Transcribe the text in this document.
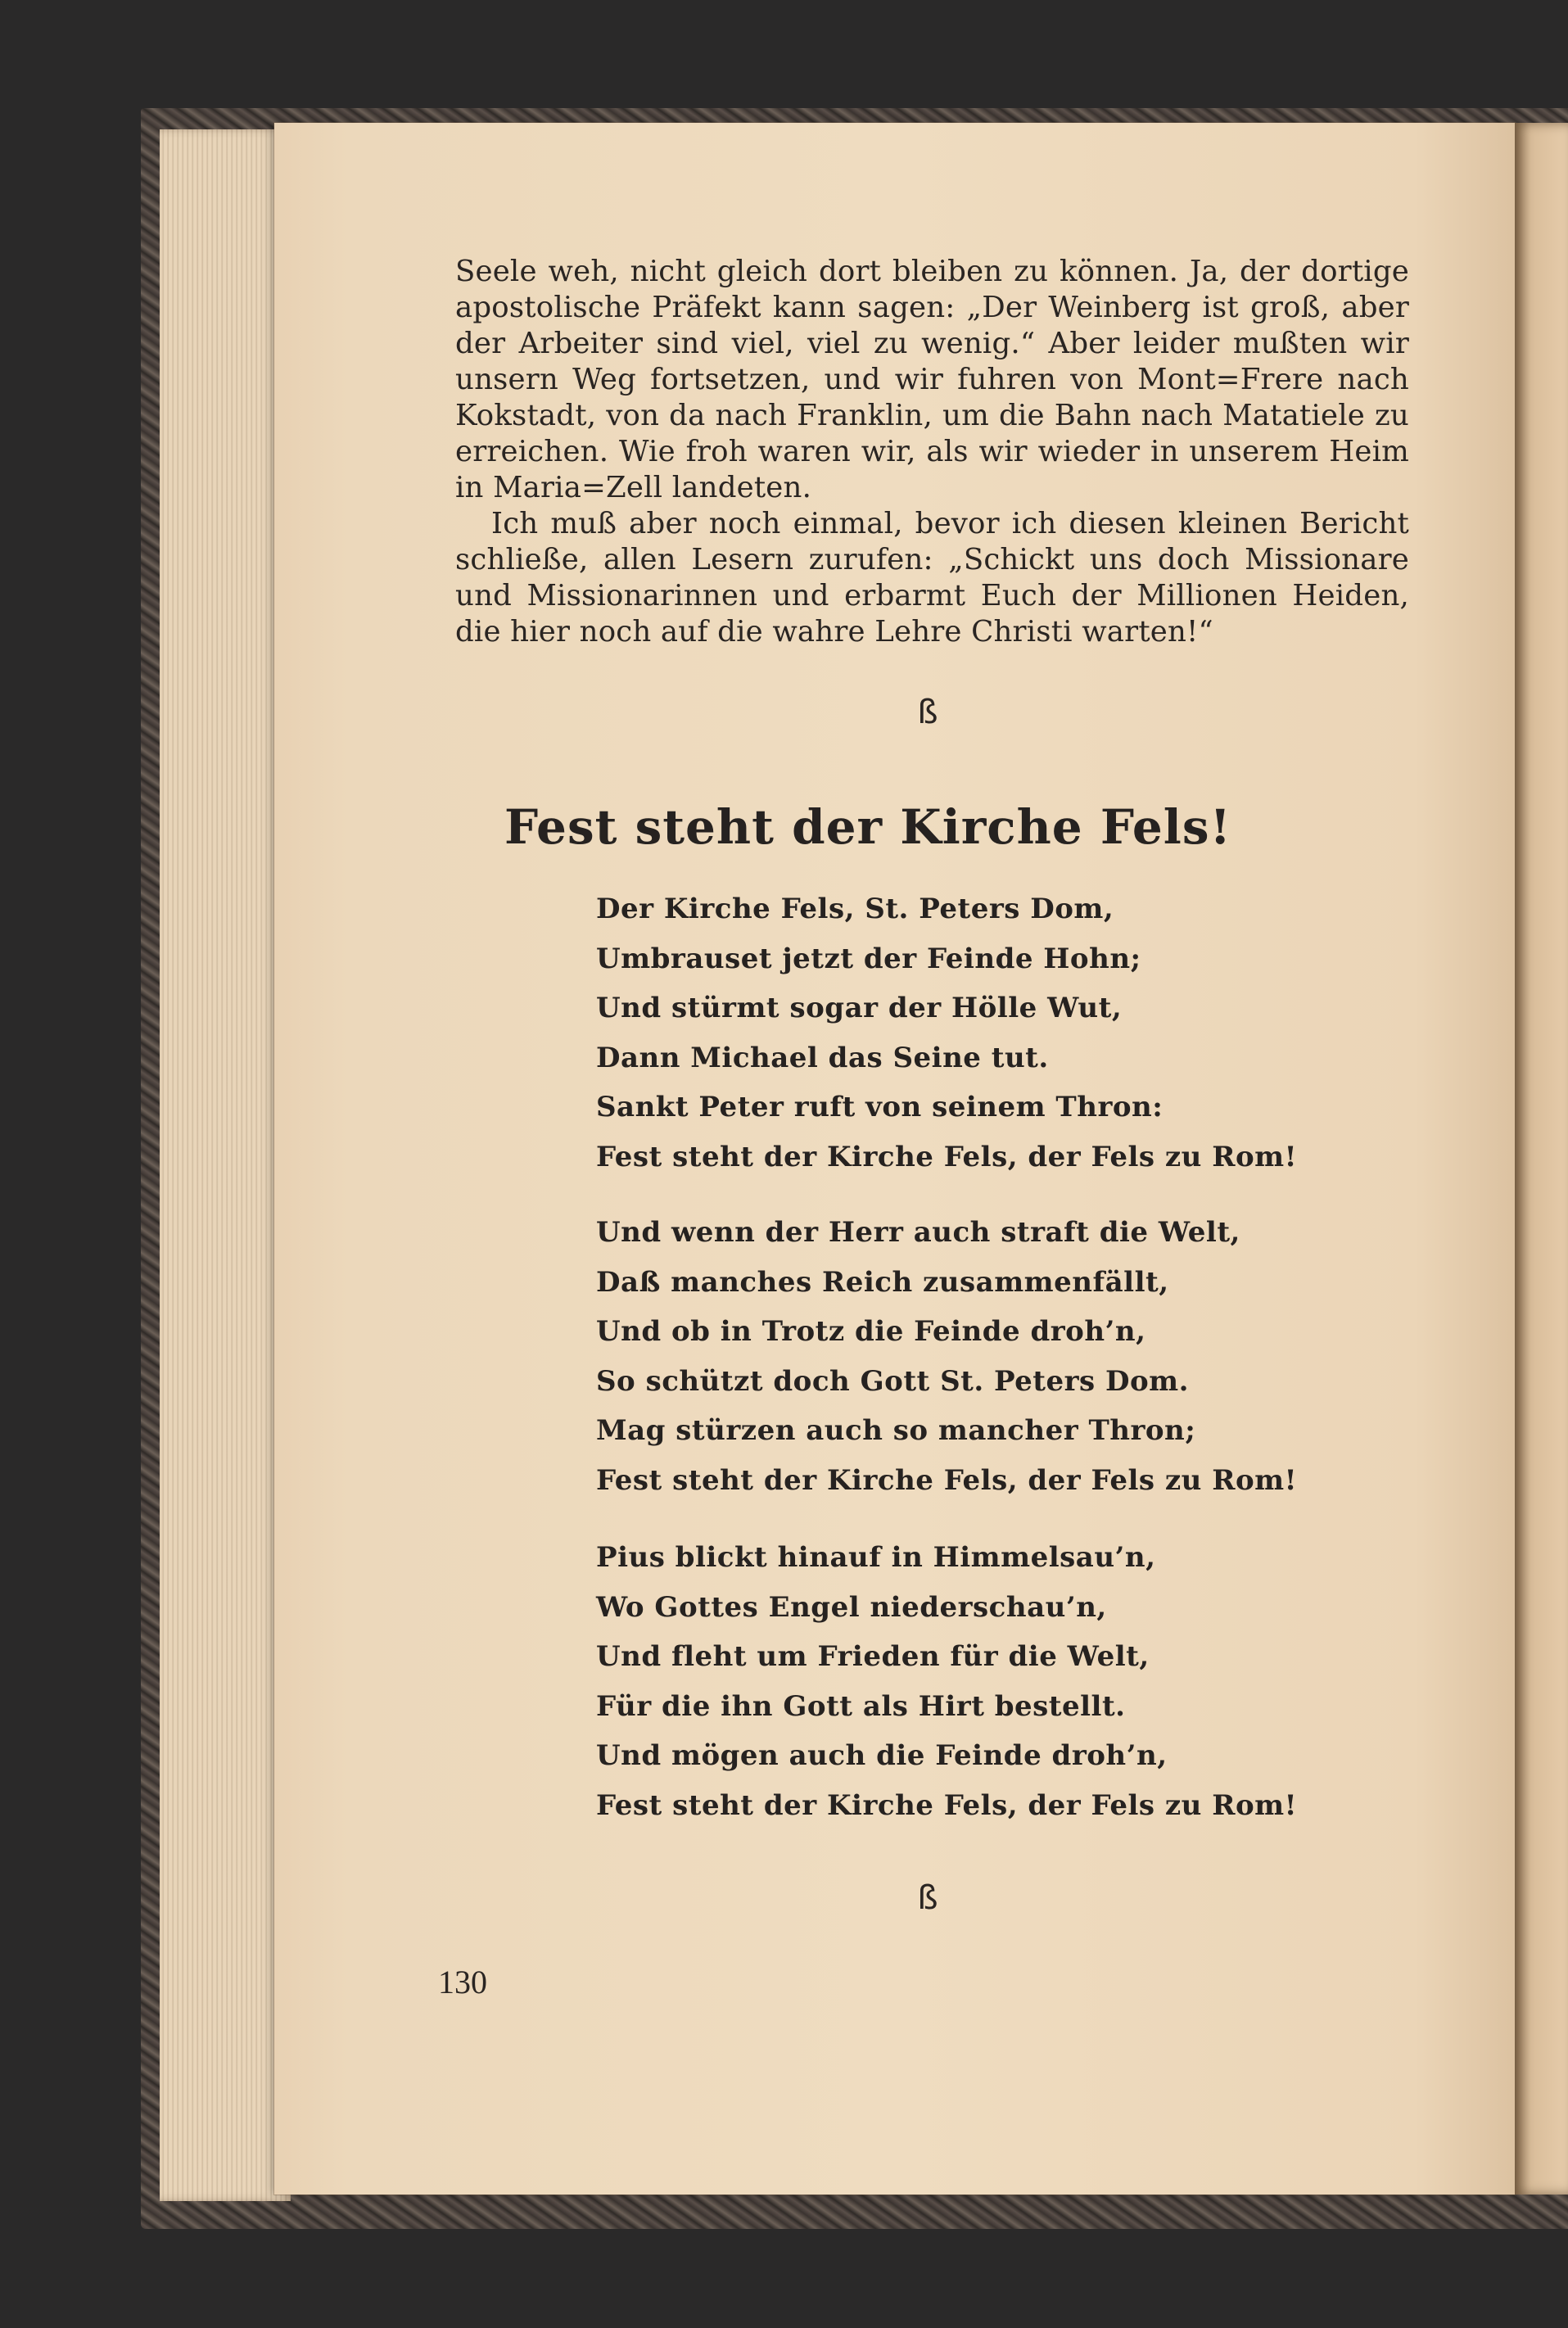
Seele weh, nicht gleich dort bleiben zu können. Ja, der dortige apostolische Präfekt kann sagen: „Der Weinberg ist groß, aber der Arbeiter sind viel, viel zu wenig.“ Aber leider mußten wir unsern Weg fortsetzen, und wir fuhren von Mont=Frere nach Kokstadt, von da nach Franklin, um die Bahn nach Matatiele zu erreichen. Wie froh waren wir, als wir wieder in unserem Heim in Maria=Zell landeten.

Ich muß aber noch einmal, bevor ich diesen kleinen Bericht schließe, allen Lesern zurufen: „Schickt uns doch Missionare und Missionarinnen und erbarmt Euch der Millionen Heiden, die hier noch auf die wahre Lehre Christi warten!“

ß
Fest steht der Kirche Fels!
Der Kirche Fels, St. Peters Dom,
Umbrauset jetzt der Feinde Hohn;
Und stürmt sogar der Hölle Wut,
Dann Michael das Seine tut.
Sankt Peter ruft von seinem Thron:
Fest steht der Kirche Fels, der Fels zu Rom!
Und wenn der Herr auch straft die Welt,
Daß manches Reich zusammenfällt,
Und ob in Trotz die Feinde droh’n,
So schützt doch Gott St. Peters Dom.
Mag stürzen auch so mancher Thron;
Fest steht der Kirche Fels, der Fels zu Rom!
Pius blickt hinauf in Himmelsau’n,
Wo Gottes Engel niederschau’n,
Und fleht um Frieden für die Welt,
Für die ihn Gott als Hirt bestellt.
Und mögen auch die Feinde droh’n,
Fest steht der Kirche Fels, der Fels zu Rom!
ß
130
